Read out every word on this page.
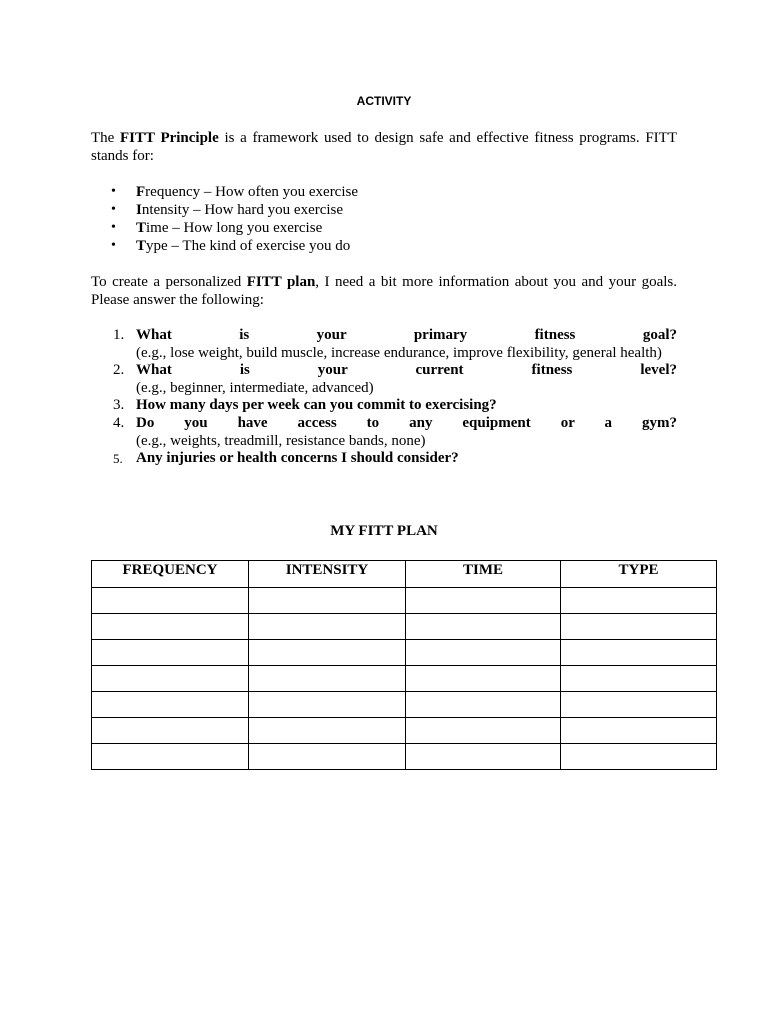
ACTIVITY

The FITT Principle is a framework used to design safe and effective fitness programs. FITT stands for:

• Frequency – How often you exercise
• Intensity – How hard you exercise
• Time – How long you exercise
• Type – The kind of exercise you do

To create a personalized FITT plan, I need a bit more information about you and your goals. Please answer the following:

1. What is your primary fitness goal?
(e.g., lose weight, build muscle, increase endurance, improve flexibility, general health)
2. What is your current fitness level?
(e.g., beginner, intermediate, advanced)
3. How many days per week can you commit to exercising?
4. Do you have access to any equipment or a gym?
(e.g., weights, treadmill, resistance bands, none)
5. Any injuries or health concerns I should consider?
MY FITT PLAN
FREQUENCY	INTENSITY	TIME	TYPE
